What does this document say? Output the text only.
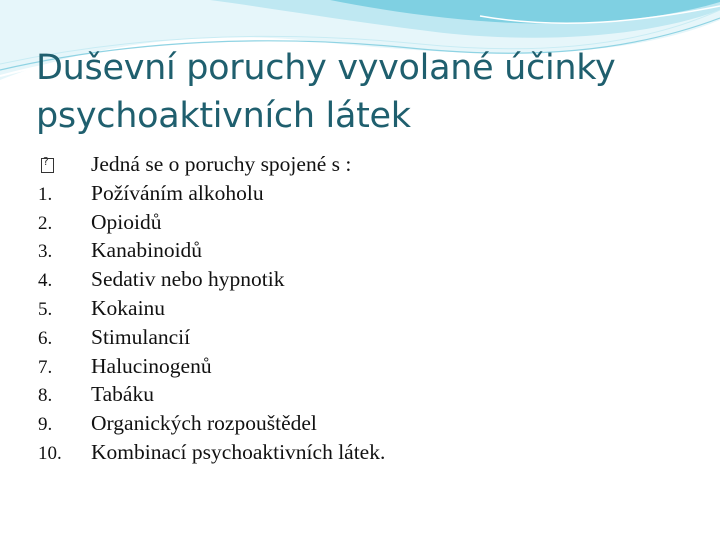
Duševní poruchy vyvolané účinky
psychoaktivních látek
?
Jedná se o poruchy spojené s :
1.	Požíváním alkoholu
2.	Opioidů
3.	Kanabinoidů
4.	Sedativ nebo hypnotik
5.	Kokainu
6.	Stimulancií
7.	Halucinogenů
8.	Tabáku
9.	Organických rozpouštědel
10.	Kombinací psychoaktivních látek.
